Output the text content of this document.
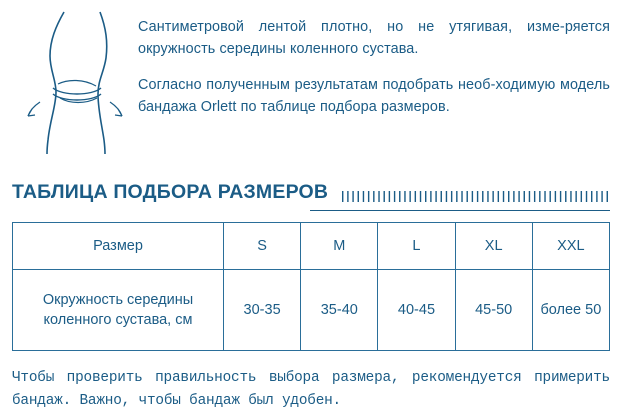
Сантиметровой лентой плотно, но не утягивая, изме-ряется окружность середины коленного сустава.

Согласно полученным результатам подобрать необ-ходимую модель бандажа Orlett по таблице подбора размеров.

ТАБЛИЦА ПОДБОРА РАЗМЕРОВ
Размер	S	M	L	XL	XXL
Окружность середины коленного сустава, см	30-35	35-40	40-45	45-50	более 50

Чтобы проверить правильность выбора размера, рекомендуется примерить бандаж. Важно, чтобы бандаж был удобен.
